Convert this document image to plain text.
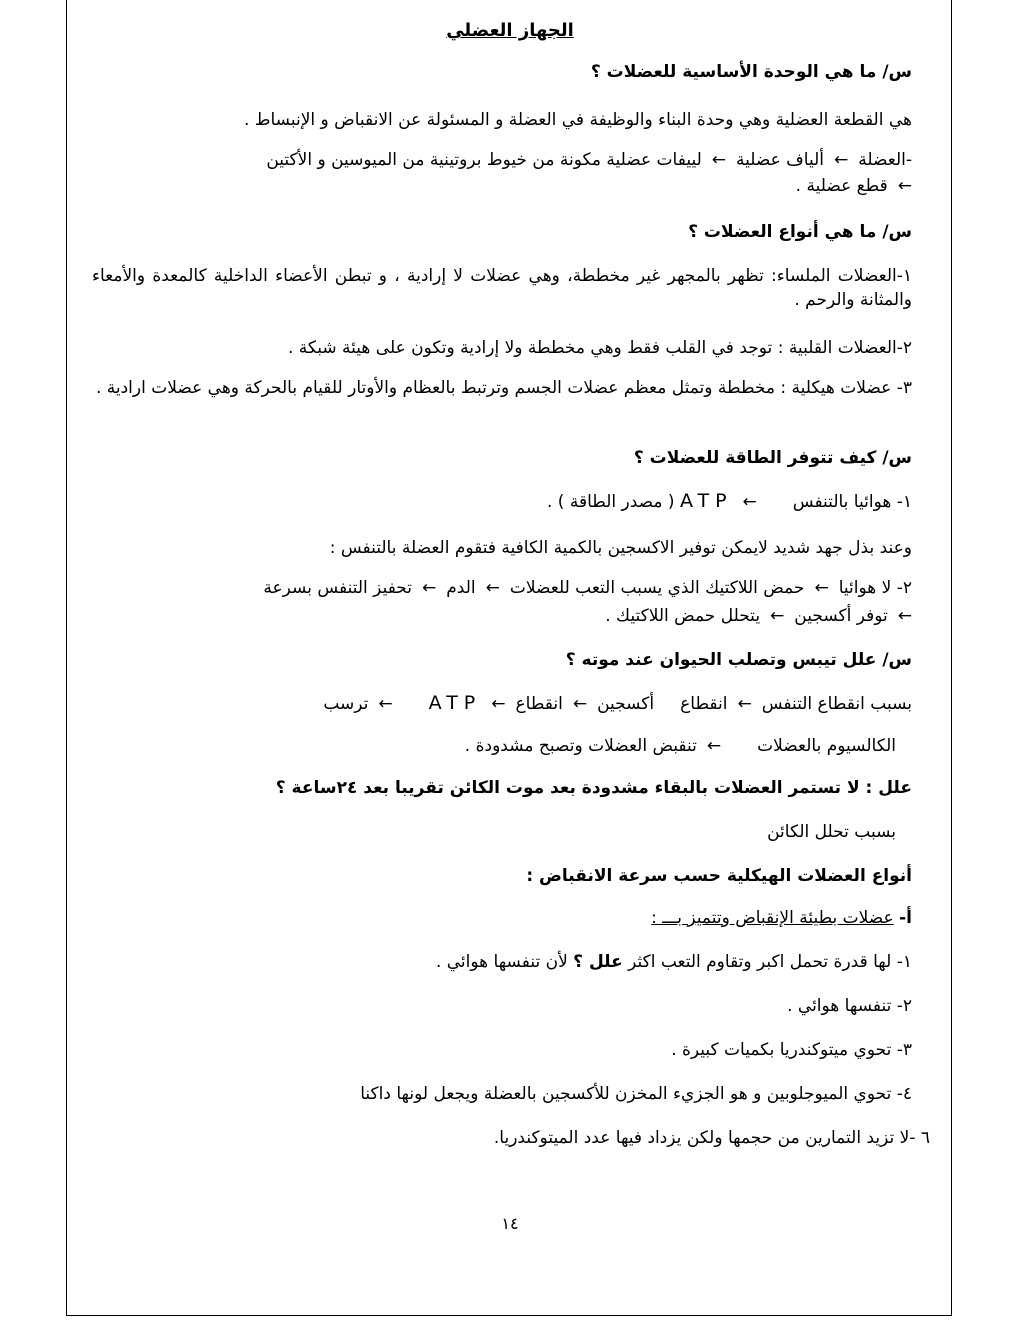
الجهاز العضلي
س/ ما هي الوحدة الأساسية للعضلات ؟
هي القطعة العضلية وهي وحدة البناء والوظيفة في العضلة و المسئولة عن الانقباض و الإنبساط .
-العضلة←ألياف عضلية←لييفات عضلية مكونة من خيوط بروتينية من الميوسين و الأكتين
←قطع عضلية .
س/ ما هي أنواع العضلات ؟
١-العضلات الملساء: تظهر بالمجهر غير مخططة، وهي عضلات لا إرادية ، و تبطن الأعضاء الداخلية كالمعدة والأمعاء والمثانة والرحم .
٢-العضلات القلبية : توجد في القلب فقط وهي مخططة ولا إرادية وتكون على هيئة شبكة .
٣- عضلات هيكلية : مخططة وتمثل معظم عضلات الجسم وترتبط بالعظام والأوتار للقيام بالحركة وهي عضلات ارادية .
س/ كيف تتوفر الطاقة للعضلات ؟
١- هوائيا بالتنفس←ATP ( مصدر الطاقة ) .
وعند بذل جهد شديد لايمكن توفير الاكسجين بالكمية الكافية فتقوم العضلة بالتنفس :
٢- لا هوائيا←حمض اللاكتيك الذي يسبب التعب للعضلات←الدم←تحفيز التنفس بسرعة
←توفر أكسجين←يتحلل حمض اللاكتيك .
س/ علل تيبس وتصلب الحيوان عند موته ؟
بسبب انقطاع التنفس←انقطاعأكسجين←انقطاع←ATP←ترسب
الكالسيوم بالعضلات←تنقبض العضلات وتصبح مشدودة .
علل : لا تستمر العضلات بالبقاء مشدودة بعد موت الكائن تقريبا بعد ٢٤ساعة ؟
بسبب تحلل الكائن
أنواع العضلات الهيكلية حسب سرعة الانقباض :
أ- عضلات بطيئة الإنقباض وتتميز بـــ :
١- لها قدرة تحمل اكبر وتقاوم التعب اكثر علل ؟ لأن تنفسها هوائي .
٢- تنفسها هوائي .
٣- تحوي ميتوكندريا بكميات كبيرة .
٤- تحوي الميوجلوبين و هو الجزيء المخزن للأكسجين بالعضلة ويجعل لونها داكنا
٦ -لا تزيد التمارين من حجمها ولكن يزداد فيها عدد الميتوكندريا.
١٤
